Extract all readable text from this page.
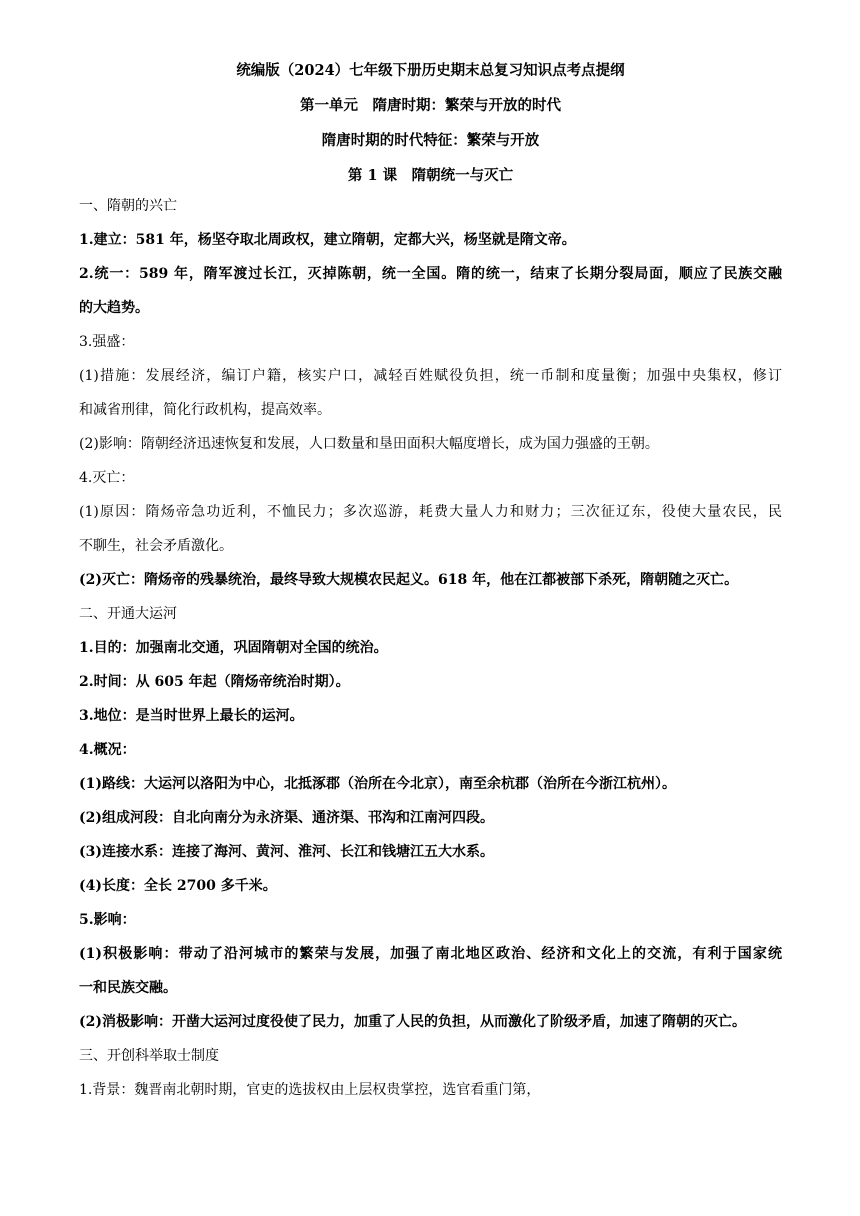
统编版（2024）七年级下册历史期末总复习知识点考点提纲
第一单元　隋唐时期：繁荣与开放的时代
隋唐时期的时代特征：繁荣与开放
第 1 课　隋朝统一与灭亡

一、隋朝的兴亡

1.建立：581 年，杨坚夺取北周政权，建立隋朝，定都大兴，杨坚就是隋文帝。

2.统一：589 年，隋军渡过长江，灭掉陈朝，统一全国。隋的统一，结束了长期分裂局面，顺应了民族交融

的大趋势。

3.强盛：

(1)措施：发展经济，编订户籍，核实户口，减轻百姓赋役负担，统一币制和度量衡；加强中央集权，修订

和减省刑律，简化行政机构，提高效率。

(2)影响：隋朝经济迅速恢复和发展，人口数量和垦田面积大幅度增长，成为国力强盛的王朝。

4.灭亡：

(1)原因：隋炀帝急功近利，不恤民力；多次巡游，耗费大量人力和财力；三次征辽东，役使大量农民，民

不聊生，社会矛盾激化。

(2)灭亡：隋炀帝的残暴统治，最终导致大规模农民起义。618 年，他在江都被部下杀死，隋朝随之灭亡。

二、开通大运河

1.目的：加强南北交通，巩固隋朝对全国的统治。

2.时间：从 605 年起（隋炀帝统治时期）。

3.地位：是当时世界上最长的运河。

4.概况：

(1)路线：大运河以洛阳为中心，北抵涿郡（治所在今北京），南至余杭郡（治所在今浙江杭州）。

(2)组成河段：自北向南分为永济渠、通济渠、邗沟和江南河四段。

(3)连接水系：连接了海河、黄河、淮河、长江和钱塘江五大水系。

(4)长度：全长 2700 多千米。

5.影响：

(1)积极影响：带动了沿河城市的繁荣与发展，加强了南北地区政治、经济和文化上的交流，有利于国家统

一和民族交融。

(2)消极影响：开凿大运河过度役使了民力，加重了人民的负担，从而激化了阶级矛盾，加速了隋朝的灭亡。

三、开创科举取士制度

1.背景：魏晋南北朝时期，官吏的选拔权由上层权贵掌控，选官看重门第，
